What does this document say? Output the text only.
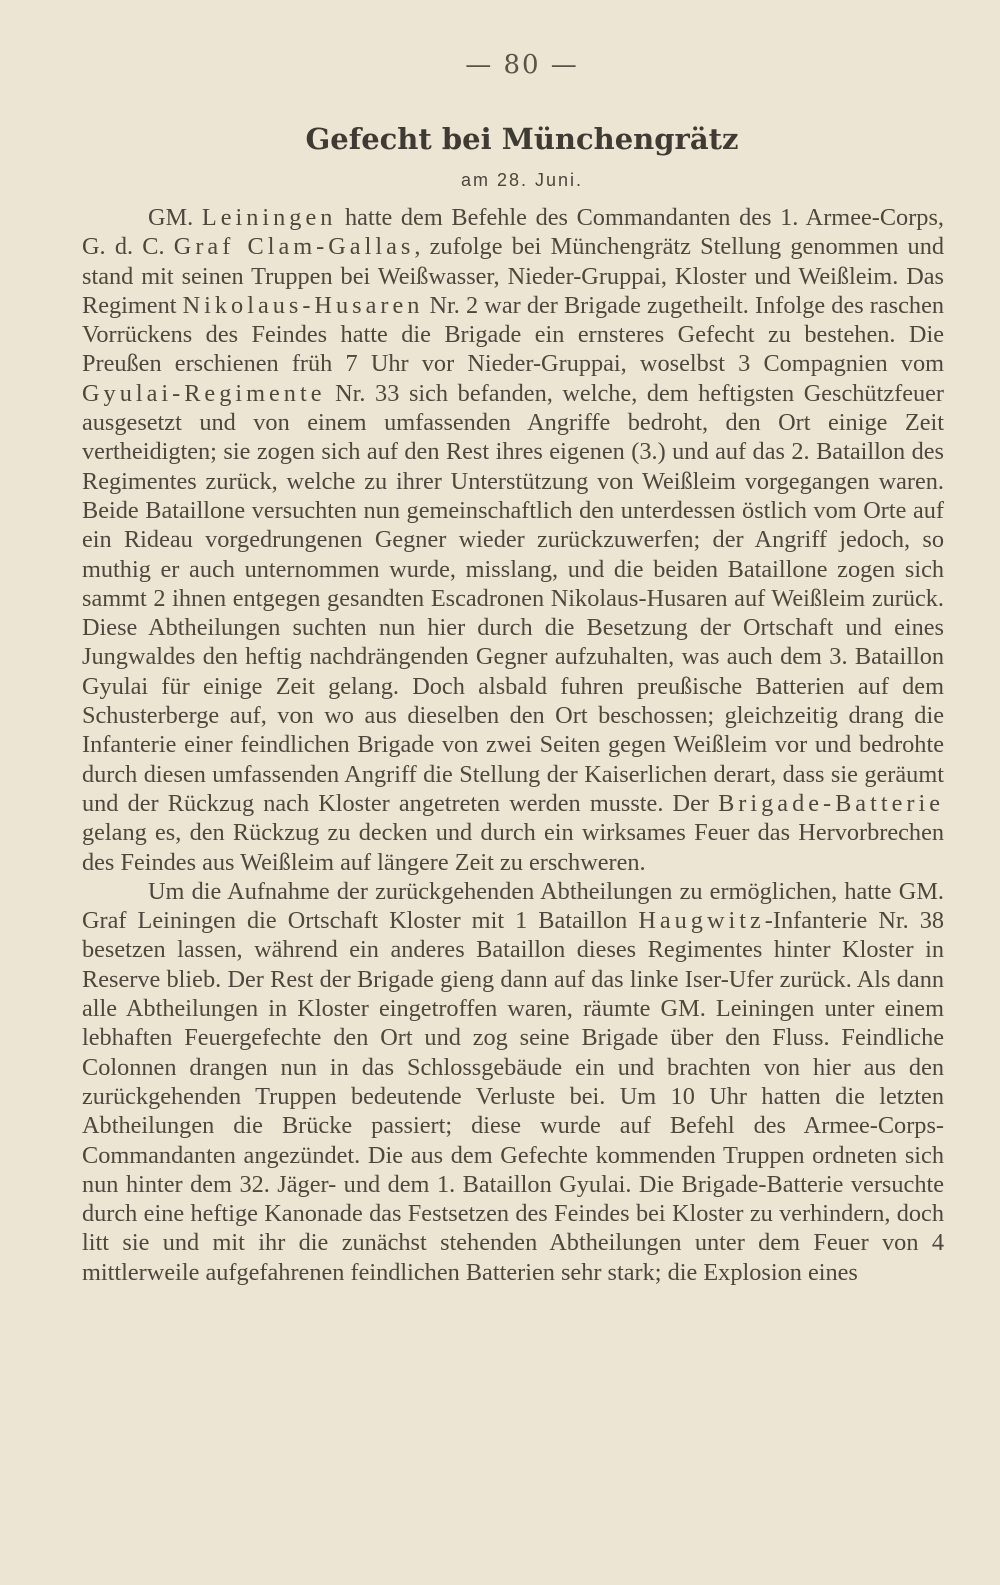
— 80 —
Gefecht bei Münchengrätz
am 28. Juni.

GM. Leiningen hatte dem Befehle des Commandanten des 1. Armee-Corps, G. d. C. Graf Clam-Gallas, zufolge bei Münchengrätz Stellung genommen und stand mit seinen Truppen bei Weißwasser, Nieder-Gruppai, Kloster und Weißleim. Das Regiment Nikolaus-Husaren Nr. 2 war der Brigade zugetheilt. Infolge des raschen Vorrückens des Feindes hatte die Brigade ein ernsteres Gefecht zu bestehen. Die Preußen erschienen früh 7 Uhr vor Nieder-Gruppai, woselbst 3 Compagnien vom Gyulai-Regimente Nr. 33 sich befanden, welche, dem heftigsten Geschützfeuer ausgesetzt und von einem umfassenden Angriffe bedroht, den Ort einige Zeit vertheidigten; sie zogen sich auf den Rest ihres eigenen (3.) und auf das 2. Bataillon des Regimentes zurück, welche zu ihrer Unterstützung von Weißleim vorgegangen waren. Beide Bataillone versuchten nun gemeinschaftlich den unterdessen östlich vom Orte auf ein Rideau vorgedrungenen Gegner wieder zurückzuwerfen; der Angriff jedoch, so muthig er auch unternommen wurde, misslang, und die beiden Bataillone zogen sich sammt 2 ihnen entgegen gesandten Escadronen Nikolaus-Husaren auf Weißleim zurück. Diese Abtheilungen suchten nun hier durch die Besetzung der Ortschaft und eines Jungwaldes den heftig nachdrängenden Gegner aufzuhalten, was auch dem 3. Bataillon Gyulai für einige Zeit gelang. Doch alsbald fuhren preußische Batterien auf dem Schusterberge auf, von wo aus dieselben den Ort beschossen; gleichzeitig drang die Infanterie einer feindlichen Brigade von zwei Seiten gegen Weißleim vor und bedrohte durch diesen umfassenden Angriff die Stellung der Kaiserlichen derart, dass sie geräumt und der Rückzug nach Kloster angetreten werden musste. Der Brigade-Batterie gelang es, den Rückzug zu decken und durch ein wirksames Feuer das Hervorbrechen des Feindes aus Weißleim auf längere Zeit zu erschweren.

Um die Aufnahme der zurückgehenden Abtheilungen zu ermöglichen, hatte GM. Graf Leiningen die Ortschaft Kloster mit 1 Bataillon Haugwitz-Infanterie Nr. 38 besetzen lassen, während ein anderes Bataillon dieses Regimentes hinter Kloster in Reserve blieb. Der Rest der Brigade gieng dann auf das linke Iser-Ufer zurück. Als dann alle Abtheilungen in Kloster eingetroffen waren, räumte GM. Leiningen unter einem lebhaften Feuergefechte den Ort und zog seine Brigade über den Fluss. Feindliche Colonnen drangen nun in das Schlossgebäude ein und brachten von hier aus den zurückgehenden Truppen bedeutende Verluste bei. Um 10 Uhr hatten die letzten Abtheilungen die Brücke passiert; diese wurde auf Befehl des Armee-Corps-Commandanten angezündet. Die aus dem Gefechte kommenden Truppen ordneten sich nun hinter dem 32. Jäger- und dem 1. Bataillon Gyulai. Die Brigade-Batterie versuchte durch eine heftige Kanonade das Festsetzen des Feindes bei Kloster zu verhindern, doch litt sie und mit ihr die zunächst stehenden Abtheilungen unter dem Feuer von 4 mittlerweile aufgefahrenen feindlichen Batterien sehr stark; die Explosion eines
